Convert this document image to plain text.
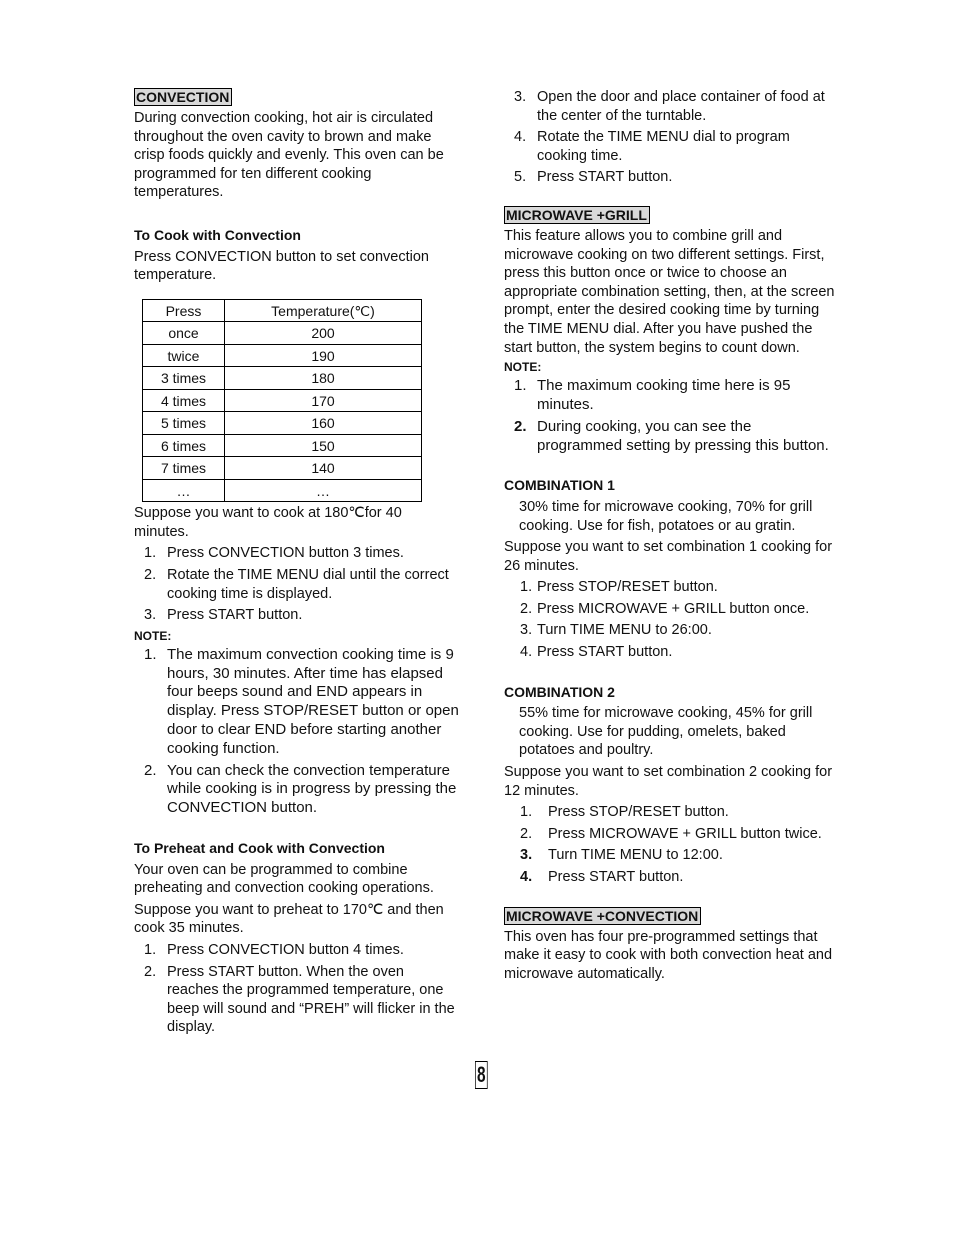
CONVECTION

During convection cooking, hot air is circulated throughout the oven cavity to brown and make crisp foods quickly and evenly. This oven can be programmed for ten different cooking temperatures.

To Cook with Convection

Press CONVECTION button to set convection temperature.

Press	Temperature(℃)
once	200
twice	190
3 times	180
4 times	170
5 times	160
6 times	150
7 times	140
…	…

Suppose you want to cook at 180℃for 40 minutes.

1. Press CONVECTION button 3 times.
2. Rotate the TIME MENU dial until the correct cooking time is displayed.
3. Press START button.

NOTE:

1. The maximum convection cooking time is 9 hours, 30 minutes. After time has elapsed four beeps sound and END appears in display. Press STOP/RESET button or open door to clear END before starting another cooking function.
2. You can check the convection temperature while cooking is in progress by pressing the CONVECTION button.

To Preheat and Cook with Convection

Your oven can be programmed to combine preheating and convection cooking operations.

Suppose you want to preheat to 170℃ and then cook 35 minutes.

1. Press CONVECTION button 4 times.
2. Press START button. When the oven reaches the programmed temperature, one beep will sound and “PREH” will flicker in the display.
3. Open the door and place container of food at the center of the turntable.
4. Rotate the TIME MENU dial to program cooking time.
5. Press START button.
MICROWAVE +GRILL

This feature allows you to combine grill and microwave cooking on two different settings. First, press this button once or twice to choose an appropriate combination setting, then, at the screen prompt, enter the desired cooking time by turning the TIME MENU dial. After you have pushed the start button, the system begins to count down.

NOTE:

1. The maximum cooking time here is 95 minutes.
2. During cooking, you can see the programmed setting by pressing this button.

COMBINATION 1

30% time for microwave cooking, 70% for grill cooking. Use for fish, potatoes or au gratin.

Suppose you want to set combination 1 cooking for 26 minutes.

1. Press STOP/RESET button.
2. Press MICROWAVE + GRILL button once.
3. Turn TIME MENU to 26:00.
4. Press START button.

COMBINATION 2

55% time for microwave cooking, 45% for grill cooking. Use for pudding, omelets, baked potatoes and poultry.

Suppose you want to set combination 2 cooking for 12 minutes.

1. Press STOP/RESET button.
2. Press MICROWAVE + GRILL button twice.
3. Turn TIME MENU to 12:00.
4. Press START button.
MICROWAVE +CONVECTION

This oven has four pre-programmed settings that make it easy to cook with both convection heat and microwave automatically.

8
